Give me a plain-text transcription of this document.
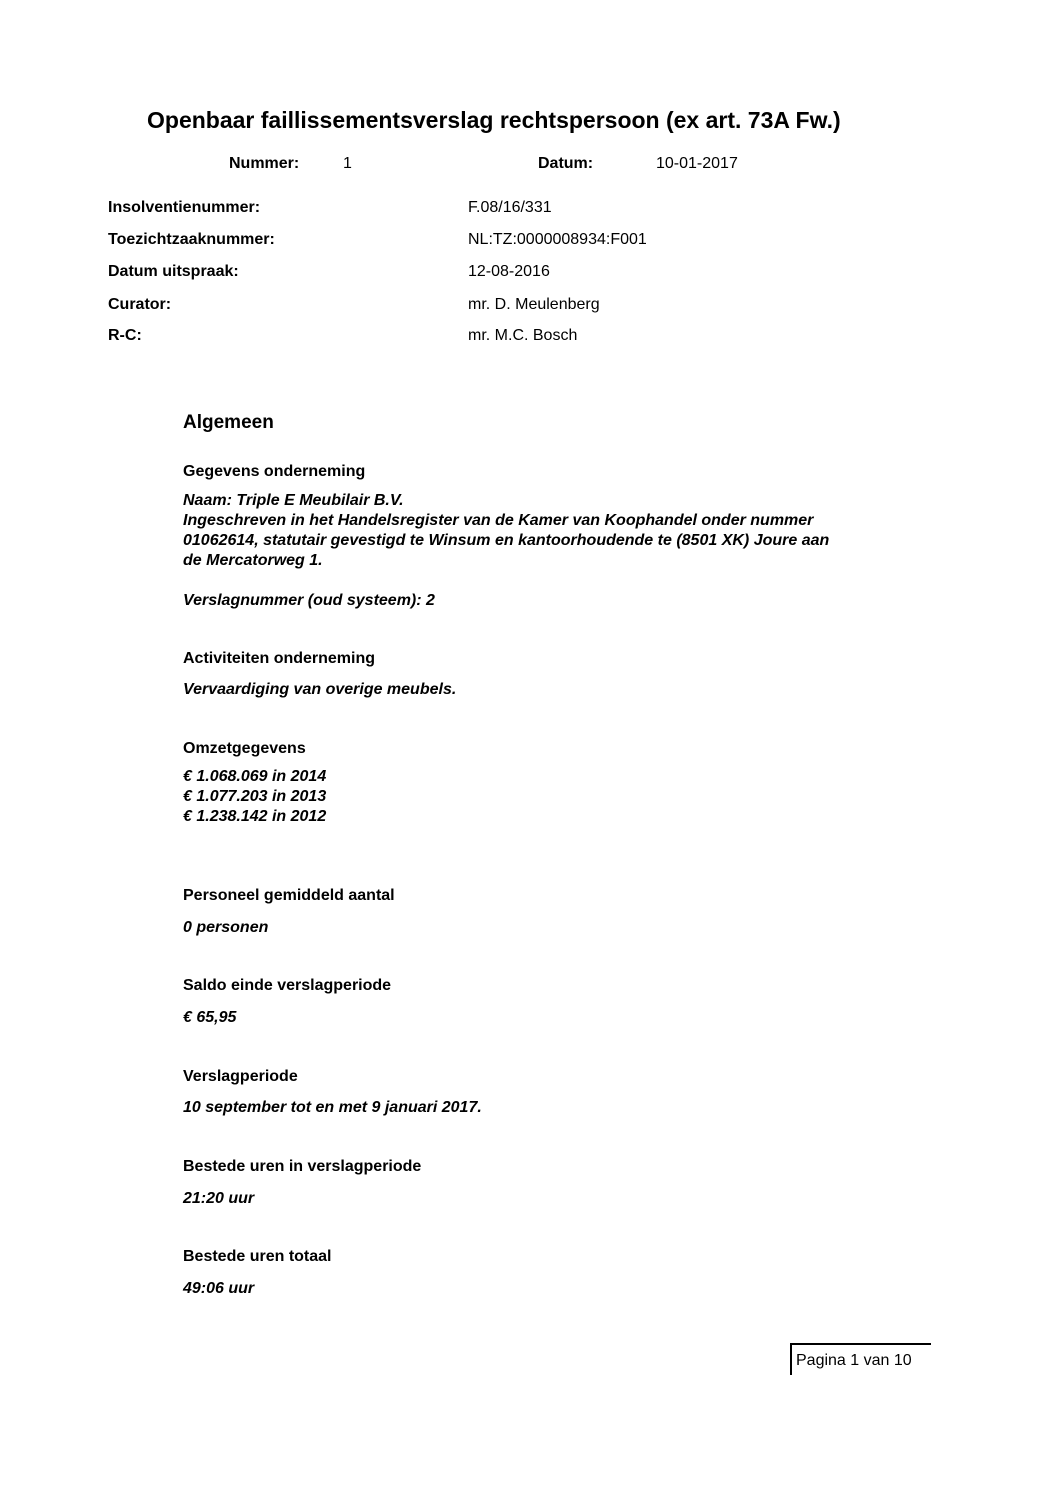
Openbaar faillissementsverslag rechtspersoon (ex art. 73A Fw.)
Nummer:	1	Datum:	10-01-2017
Insolventienummer:	F.08/16/331
Toezichtzaaknummer:	NL:TZ:0000008934:F001
Datum uitspraak:	12-08-2016
Curator:	mr. D. Meulenberg
R-C:	mr. M.C. Bosch
Algemeen
Gegevens onderneming
Naam: Triple E Meubilair B.V.
Ingeschreven in het Handelsregister van de Kamer van Koophandel onder nummer
01062614, statutair gevestigd te Winsum en kantoorhoudende te (8501 XK) Joure aan
de Mercatorweg 1.
Verslagnummer (oud systeem): 2
Activiteiten onderneming
Vervaardiging van overige meubels.
Omzetgegevens
€ 1.068.069 in 2014
€ 1.077.203 in 2013
€ 1.238.142 in 2012
Personeel gemiddeld aantal
0 personen
Saldo einde verslagperiode
€ 65,95
Verslagperiode
10 september tot en met 9 januari 2017.
Bestede uren in verslagperiode
21:20 uur
Bestede uren totaal
49:06 uur
Pagina 1 van 10
